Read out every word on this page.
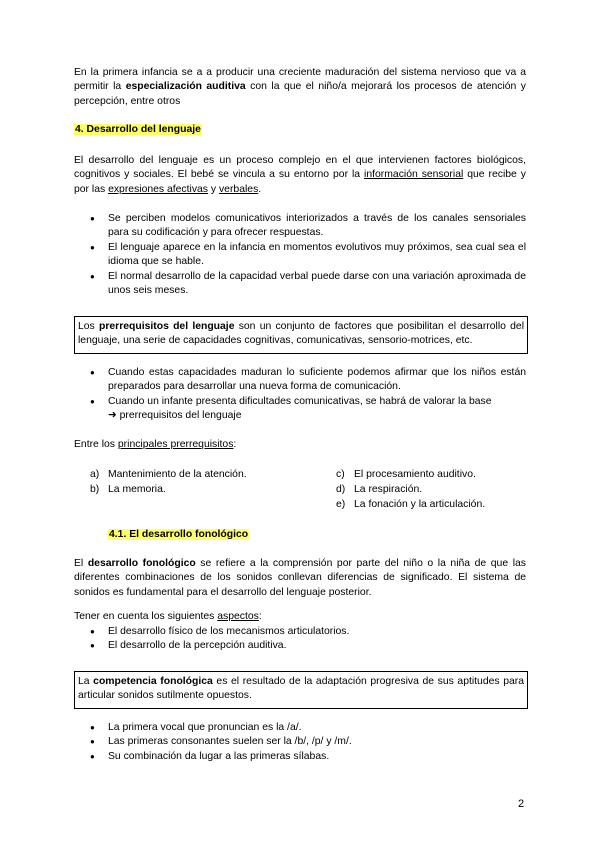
En la primera infancia se a a producir una creciente maduración del sistema nervioso que va a permitir la especialización auditiva con la que el niño/a mejorará los procesos de atención y percepción, entre otros

4. Desarrollo del lenguaje

El desarrollo del lenguaje es un proceso complejo en el que intervienen factores biológicos, cognitivos y sociales. El bebé se vincula a su entorno por la información sensorial que recibe y por las expresiones afectivas y verbales.

● Se perciben modelos comunicativos interiorizados a través de los canales sensoriales para su codificación y para ofrecer respuestas.
● El lenguaje aparece en la infancia en momentos evolutivos muy próximos, sea cual sea el idioma que se hable.
● El normal desarrollo de la capacidad verbal puede darse con una variación aproximada de unos seis meses.

Los prerrequisitos del lenguaje son un conjunto de factores que posibilitan el desarrollo del lenguaje, una serie de capacidades cognitivas, comunicativas, sensorio-motrices, etc.

● Cuando estas capacidades maduran lo suficiente podemos afirmar que los niños están preparados para desarrollar una nueva forma de comunicación.
● Cuando un infante presenta dificultades comunicativas, se habrá de valorar la base
➜ prerrequisitos del lenguaje

Entre los principales prerrequisitos:

a) Mantenimiento de la atención.
b) La memoria.
c) El procesamiento auditivo.
d) La respiración.
e) La fonación y la articulación.

4.1. El desarrollo fonológico

El desarrollo fonológico se refiere a la comprensión por parte del niño o la niña de que las diferentes combinaciones de los sonidos conllevan diferencias de significado. El sistema de sonidos es fundamental para el desarrollo del lenguaje posterior.

Tener en cuenta los siguientes aspectos:

● El desarrollo físico de los mecanismos articulatorios.
● El desarrollo de la percepción auditiva.

La competencia fonológica es el resultado de la adaptación progresiva de sus aptitudes para articular sonidos sutilmente opuestos.

● La primera vocal que pronuncian es la /a/.
● Las primeras consonantes suelen ser la /b/, /p/ y /m/.
● Su combinación da lugar a las primeras sílabas.
2
